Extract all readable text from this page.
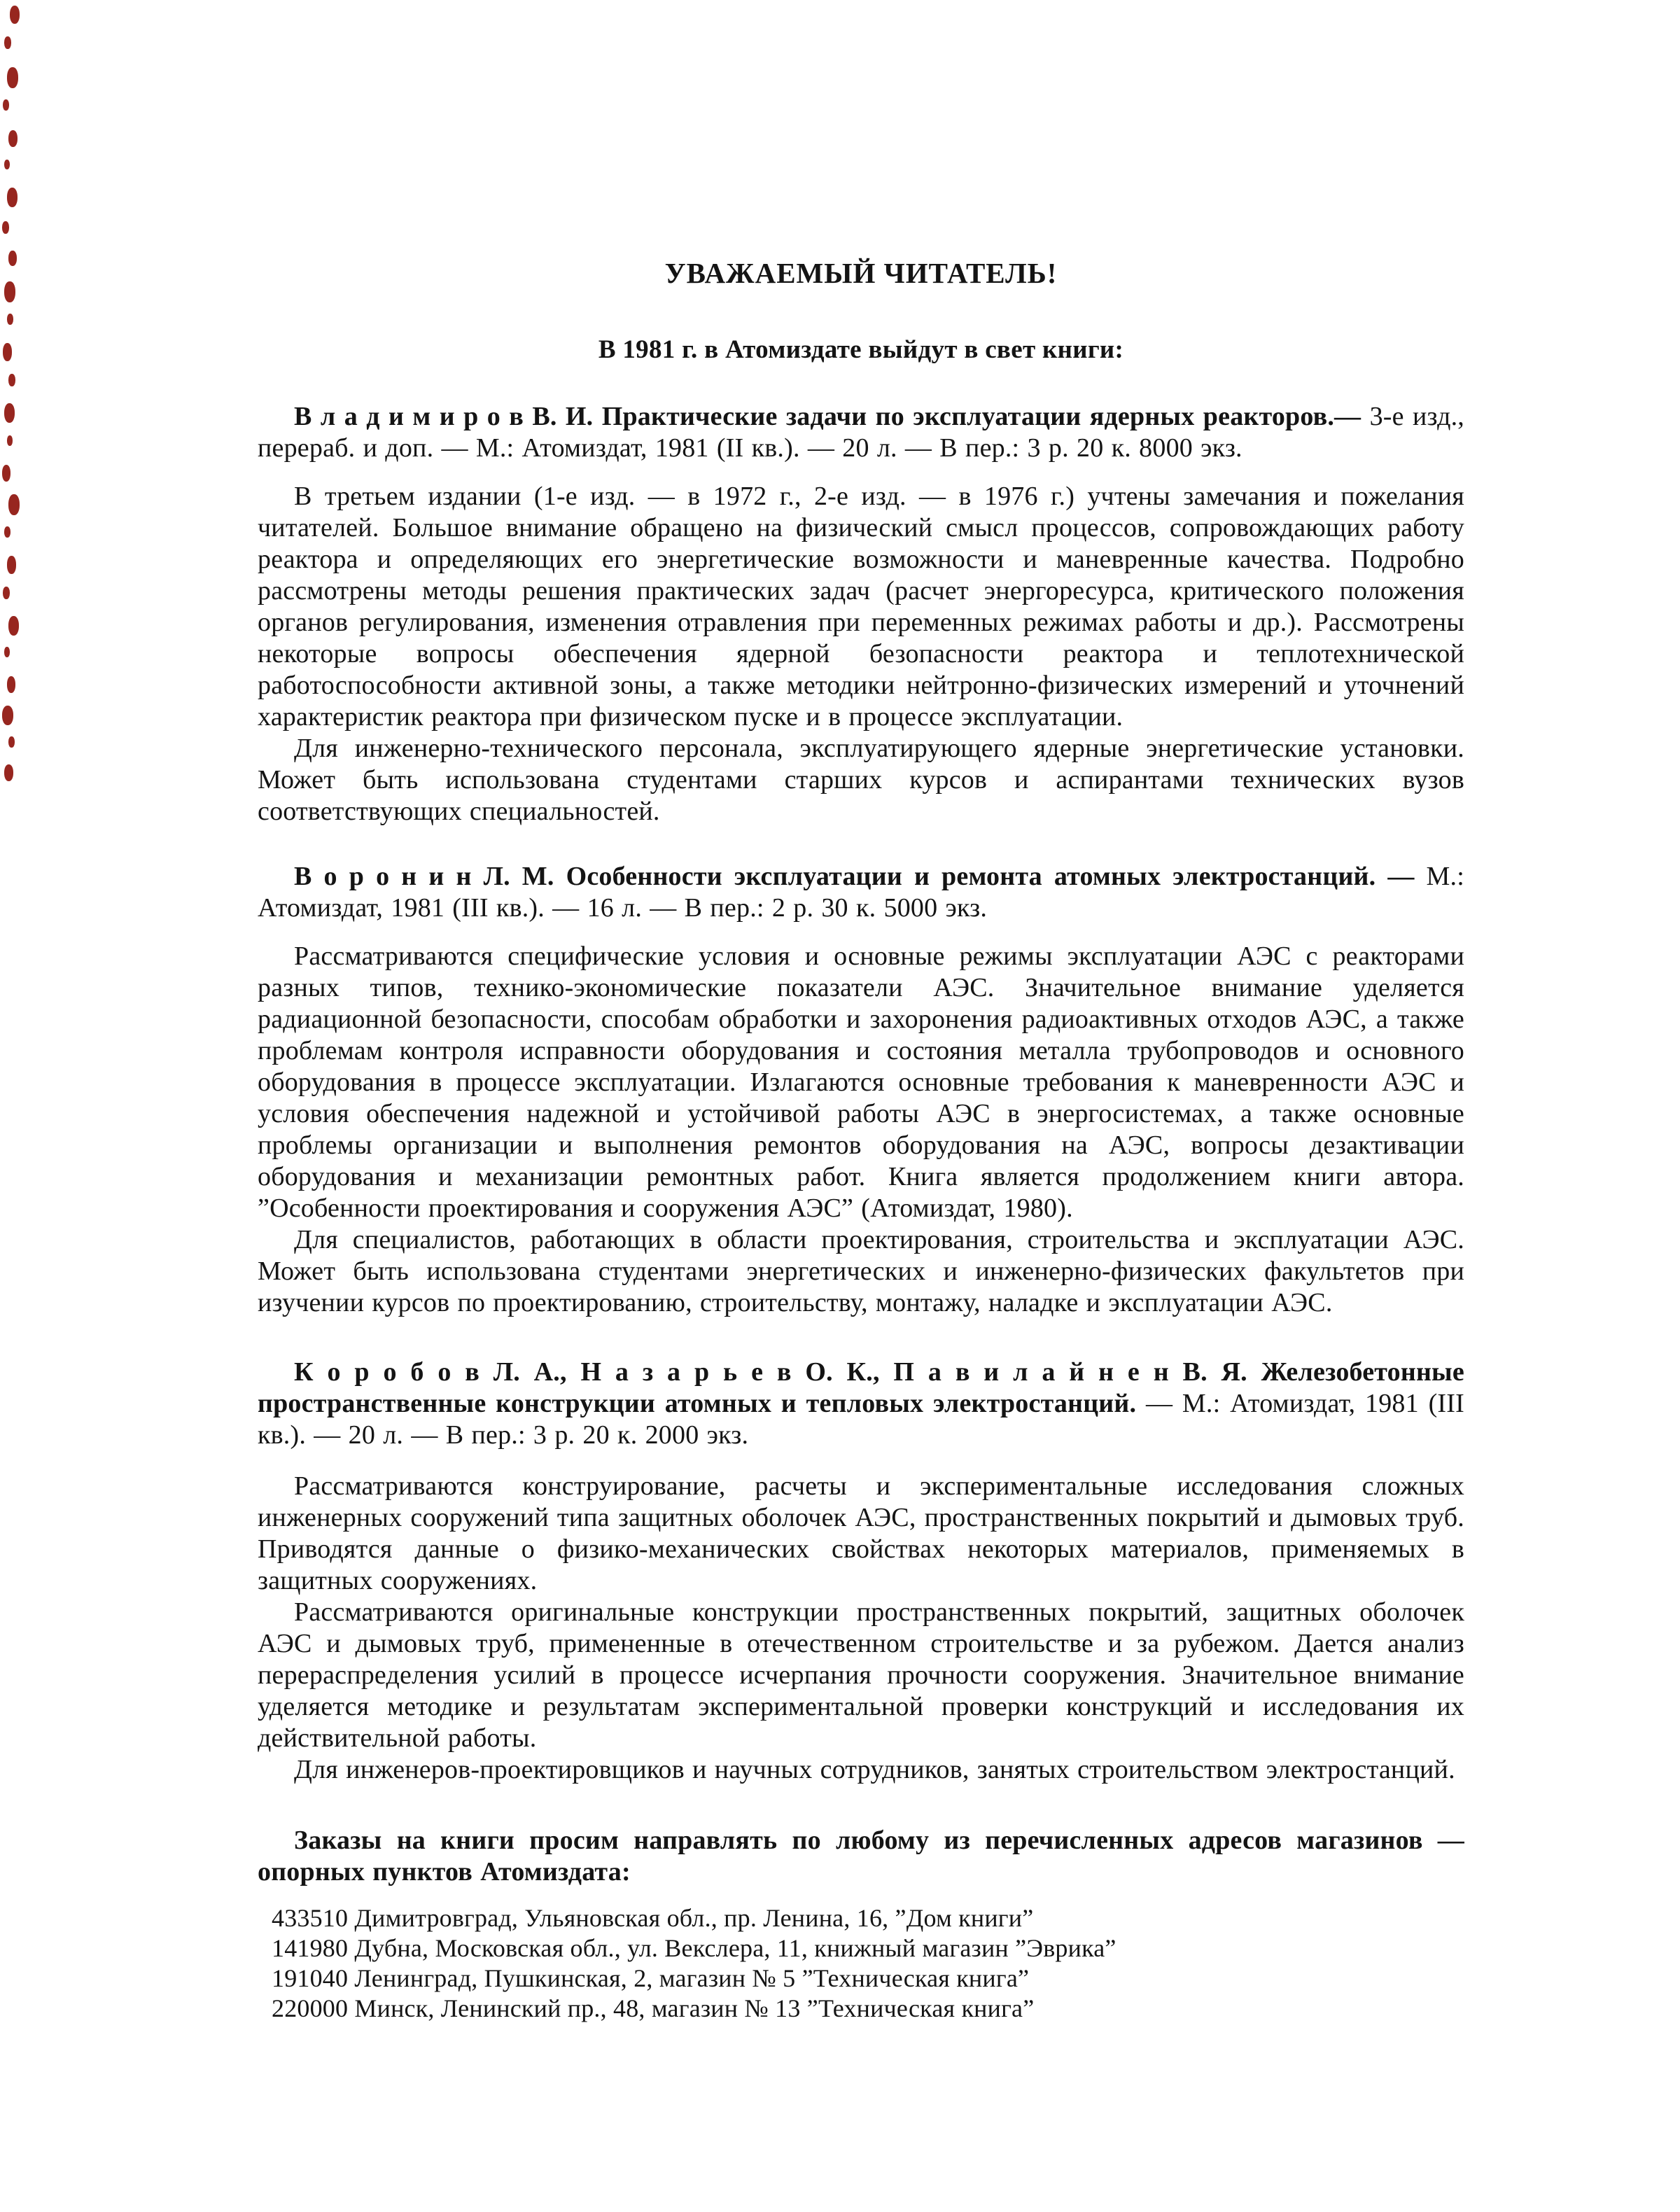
УВАЖАЕМЫЙ ЧИТАТЕЛЬ!
В 1981 г. в Атомиздате выйдут в свет книги:

В л а д и м и р о в В. И. Практические задачи по эксплуатации ядерных реакторов.— 3-е изд., перераб. и доп. — М.: Атомиздат, 1981 (II кв.). — 20 л. — В пер.: 3 р. 20 к. 8000 экз.

В третьем издании (1-е изд. — в 1972 г., 2-е изд. — в 1976 г.) учтены замечания и пожелания читателей. Большое внимание обращено на физический смысл процессов, сопровождающих работу реактора и определяющих его энергетические возможности и маневренные качества. Подробно рассмотрены методы решения практических задач (расчет энергоресурса, критического положения органов регулирования, изменения отравления при переменных режимах работы и др.). Рассмотрены некоторые вопросы обеспечения ядерной безопасности реактора и теплотехнической работоспособности активной зоны, а также методики нейтронно-физических измерений и уточнений характеристик реактора при физическом пуске и в процессе эксплуатации.

Для инженерно-технического персонала, эксплуатирующего ядерные энергетические установки. Может быть использована студентами старших курсов и аспирантами технических вузов соответствующих специальностей.

В о р о н и н Л. М. Особенности эксплуатации и ремонта атомных электростанций. — М.: Атомиздат, 1981 (III кв.). — 16 л. — В пер.: 2 р. 30 к. 5000 экз.

Рассматриваются специфические условия и основные режимы эксплуатации АЭС с реакторами разных типов, технико-экономические показатели АЭС. Значительное внимание уделяется радиационной безопасности, способам обработки и захоронения радиоактивных отходов АЭС, а также проблемам контроля исправности оборудования и состояния металла трубопроводов и основного оборудования в процессе эксплуатации. Излагаются основные требования к маневренности АЭС и условия обеспечения надежной и устойчивой работы АЭС в энергосистемах, а также основные проблемы организации и выполнения ремонтов оборудования на АЭС, вопросы дезактивации оборудования и механизации ремонтных работ. Книга является продолжением книги автора. ”Особенности проектирования и сооружения АЭС” (Атомиздат, 1980).

Для специалистов, работающих в области проектирования, строительства и эксплуатации АЭС. Может быть использована студентами энергетических и инженерно-физических факультетов при изучении курсов по проектированию, строительству, монтажу, наладке и эксплуатации АЭС.

К о р о б о в Л. А., Н а з а р ь е в О. К., П а в и л а й н е н В. Я. Железобетонные пространственные конструкции атомных и тепловых электростанций. — М.: Атомиздат, 1981 (III кв.). — 20 л. — В пер.: 3 р. 20 к. 2000 экз.

Рассматриваются конструирование, расчеты и экспериментальные исследования сложных инженерных сооружений типа защитных оболочек АЭС, пространственных покрытий и дымовых труб. Приводятся данные о физико-механических свойствах некоторых материалов, применяемых в защитных сооружениях.

Рассматриваются оригинальные конструкции пространственных покрытий, защитных оболочек АЭС и дымовых труб, примененные в отечественном строительстве и за рубежом. Дается анализ перераспределения усилий в процессе исчерпания прочности сооружения. Значительное внимание уделяется методике и результатам экспериментальной проверки конструкций и исследования их действительной работы.

Для инженеров-проектировщиков и научных сотрудников, занятых строительством электростанций.

Заказы на книги просим направлять по любому из перечисленных адресов магазинов — опорных пунктов Атомиздата:

433510 Димитровград, Ульяновская обл., пр. Ленина, 16, ”Дом книги”

141980 Дубна, Московская обл., ул. Векслера, 11, книжный магазин ”Эврика”

191040 Ленинград, Пушкинская, 2, магазин № 5 ”Техническая книга”

220000 Минск, Ленинский пр., 48, магазин № 13 ”Техническая книга”
